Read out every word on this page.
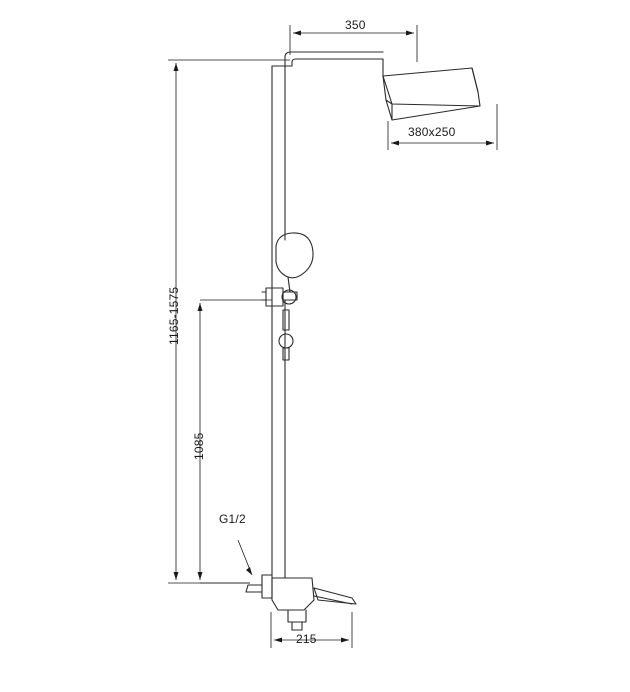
350
380x250
1165-1575
1085
G1/2
215
